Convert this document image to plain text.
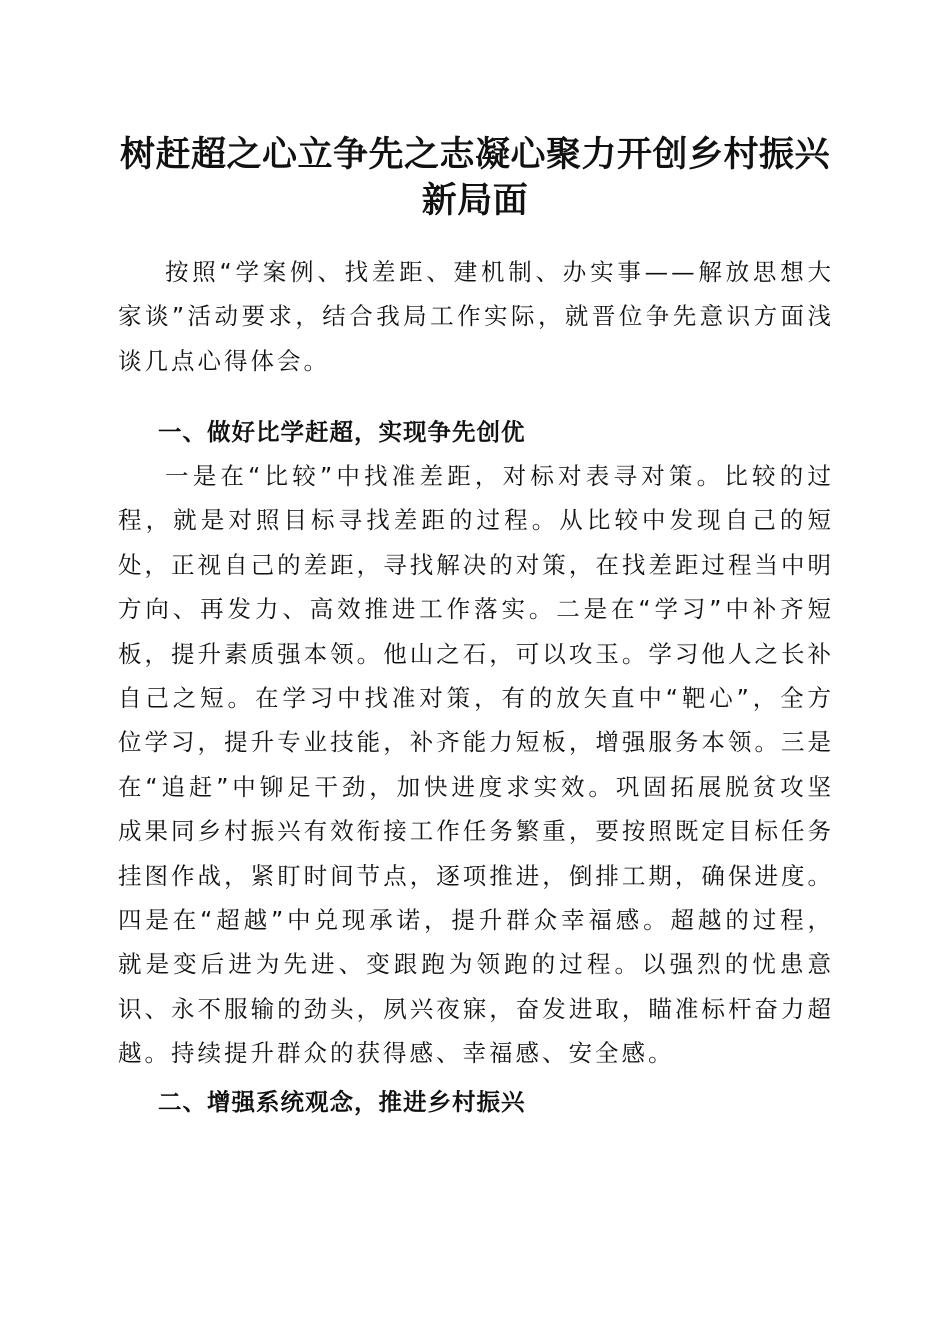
树赶超之心立争先之志凝心聚力开创乡村振兴
新局面

按照“学案例、找差距、建机制、办实事——解放思想大家谈”活动要求，结合我局工作实际，就晋位争先意识方面浅谈几点心得体会。

一、做好比学赶超，实现争先创优

一是在“比较”中找准差距，对标对表寻对策。比较的过程，就是对照目标寻找差距的过程。从比较中发现自己的短处，正视自己的差距，寻找解决的对策，在找差距过程当中明方向、再发力、高效推进工作落实。二是在“学习”中补齐短板，提升素质强本领。他山之石，可以攻玉。学习他人之长补自己之短。在学习中找准对策，有的放矢直中“靶心”，全方位学习，提升专业技能，补齐能力短板，增强服务本领。三是在“追赶”中铆足干劲，加快进度求实效。巩固拓展脱贫攻坚成果同乡村振兴有效衔接工作任务繁重，要按照既定目标任务挂图作战，紧盯时间节点，逐项推进，倒排工期，确保进度。四是在“超越”中兑现承诺，提升群众幸福感。超越的过程，就是变后进为先进、变跟跑为领跑的过程。以强烈的忧患意识、永不服输的劲头，夙兴夜寐，奋发进取，瞄准标杆奋力超越。持续提升群众的获得感、幸福感、安全感。

二、增强系统观念，推进乡村振兴
